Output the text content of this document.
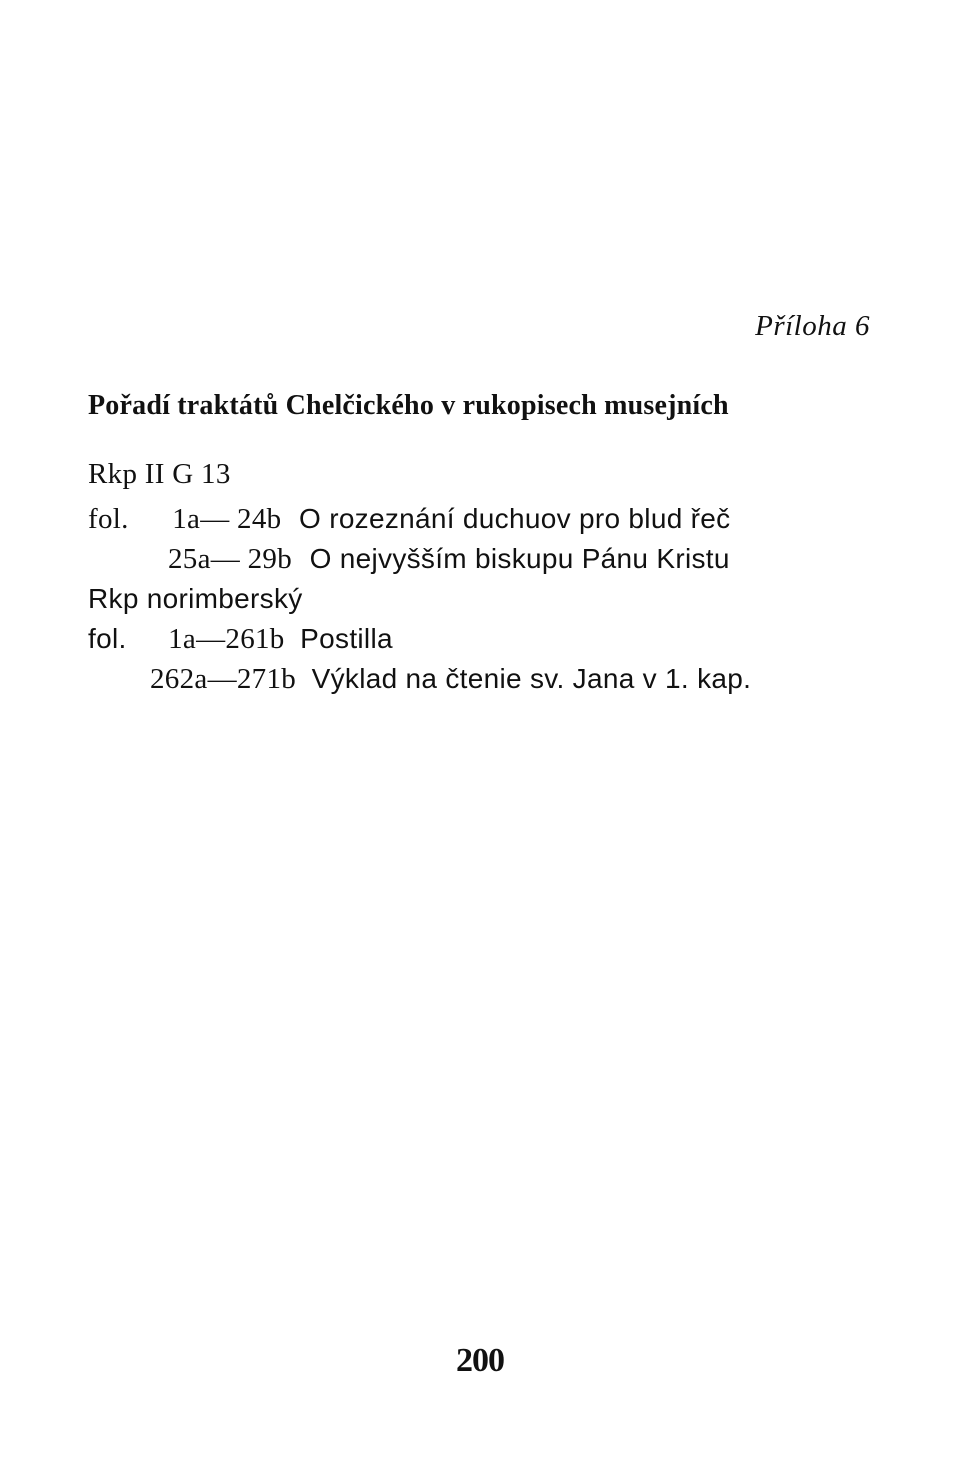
Příloha 6
Pořadí traktátů Chelčického v rukopisech musejních
Rkp II G 13
fol. 1a— 24b O rozeznání duchuov pro blud řeč
25a— 29b O nejvyšším biskupu Pánu Kristu
Rkp norimberský
fol. 1a—261b Postilla
262a—271b Výklad na čtenie sv. Jana v 1. kap.
200
